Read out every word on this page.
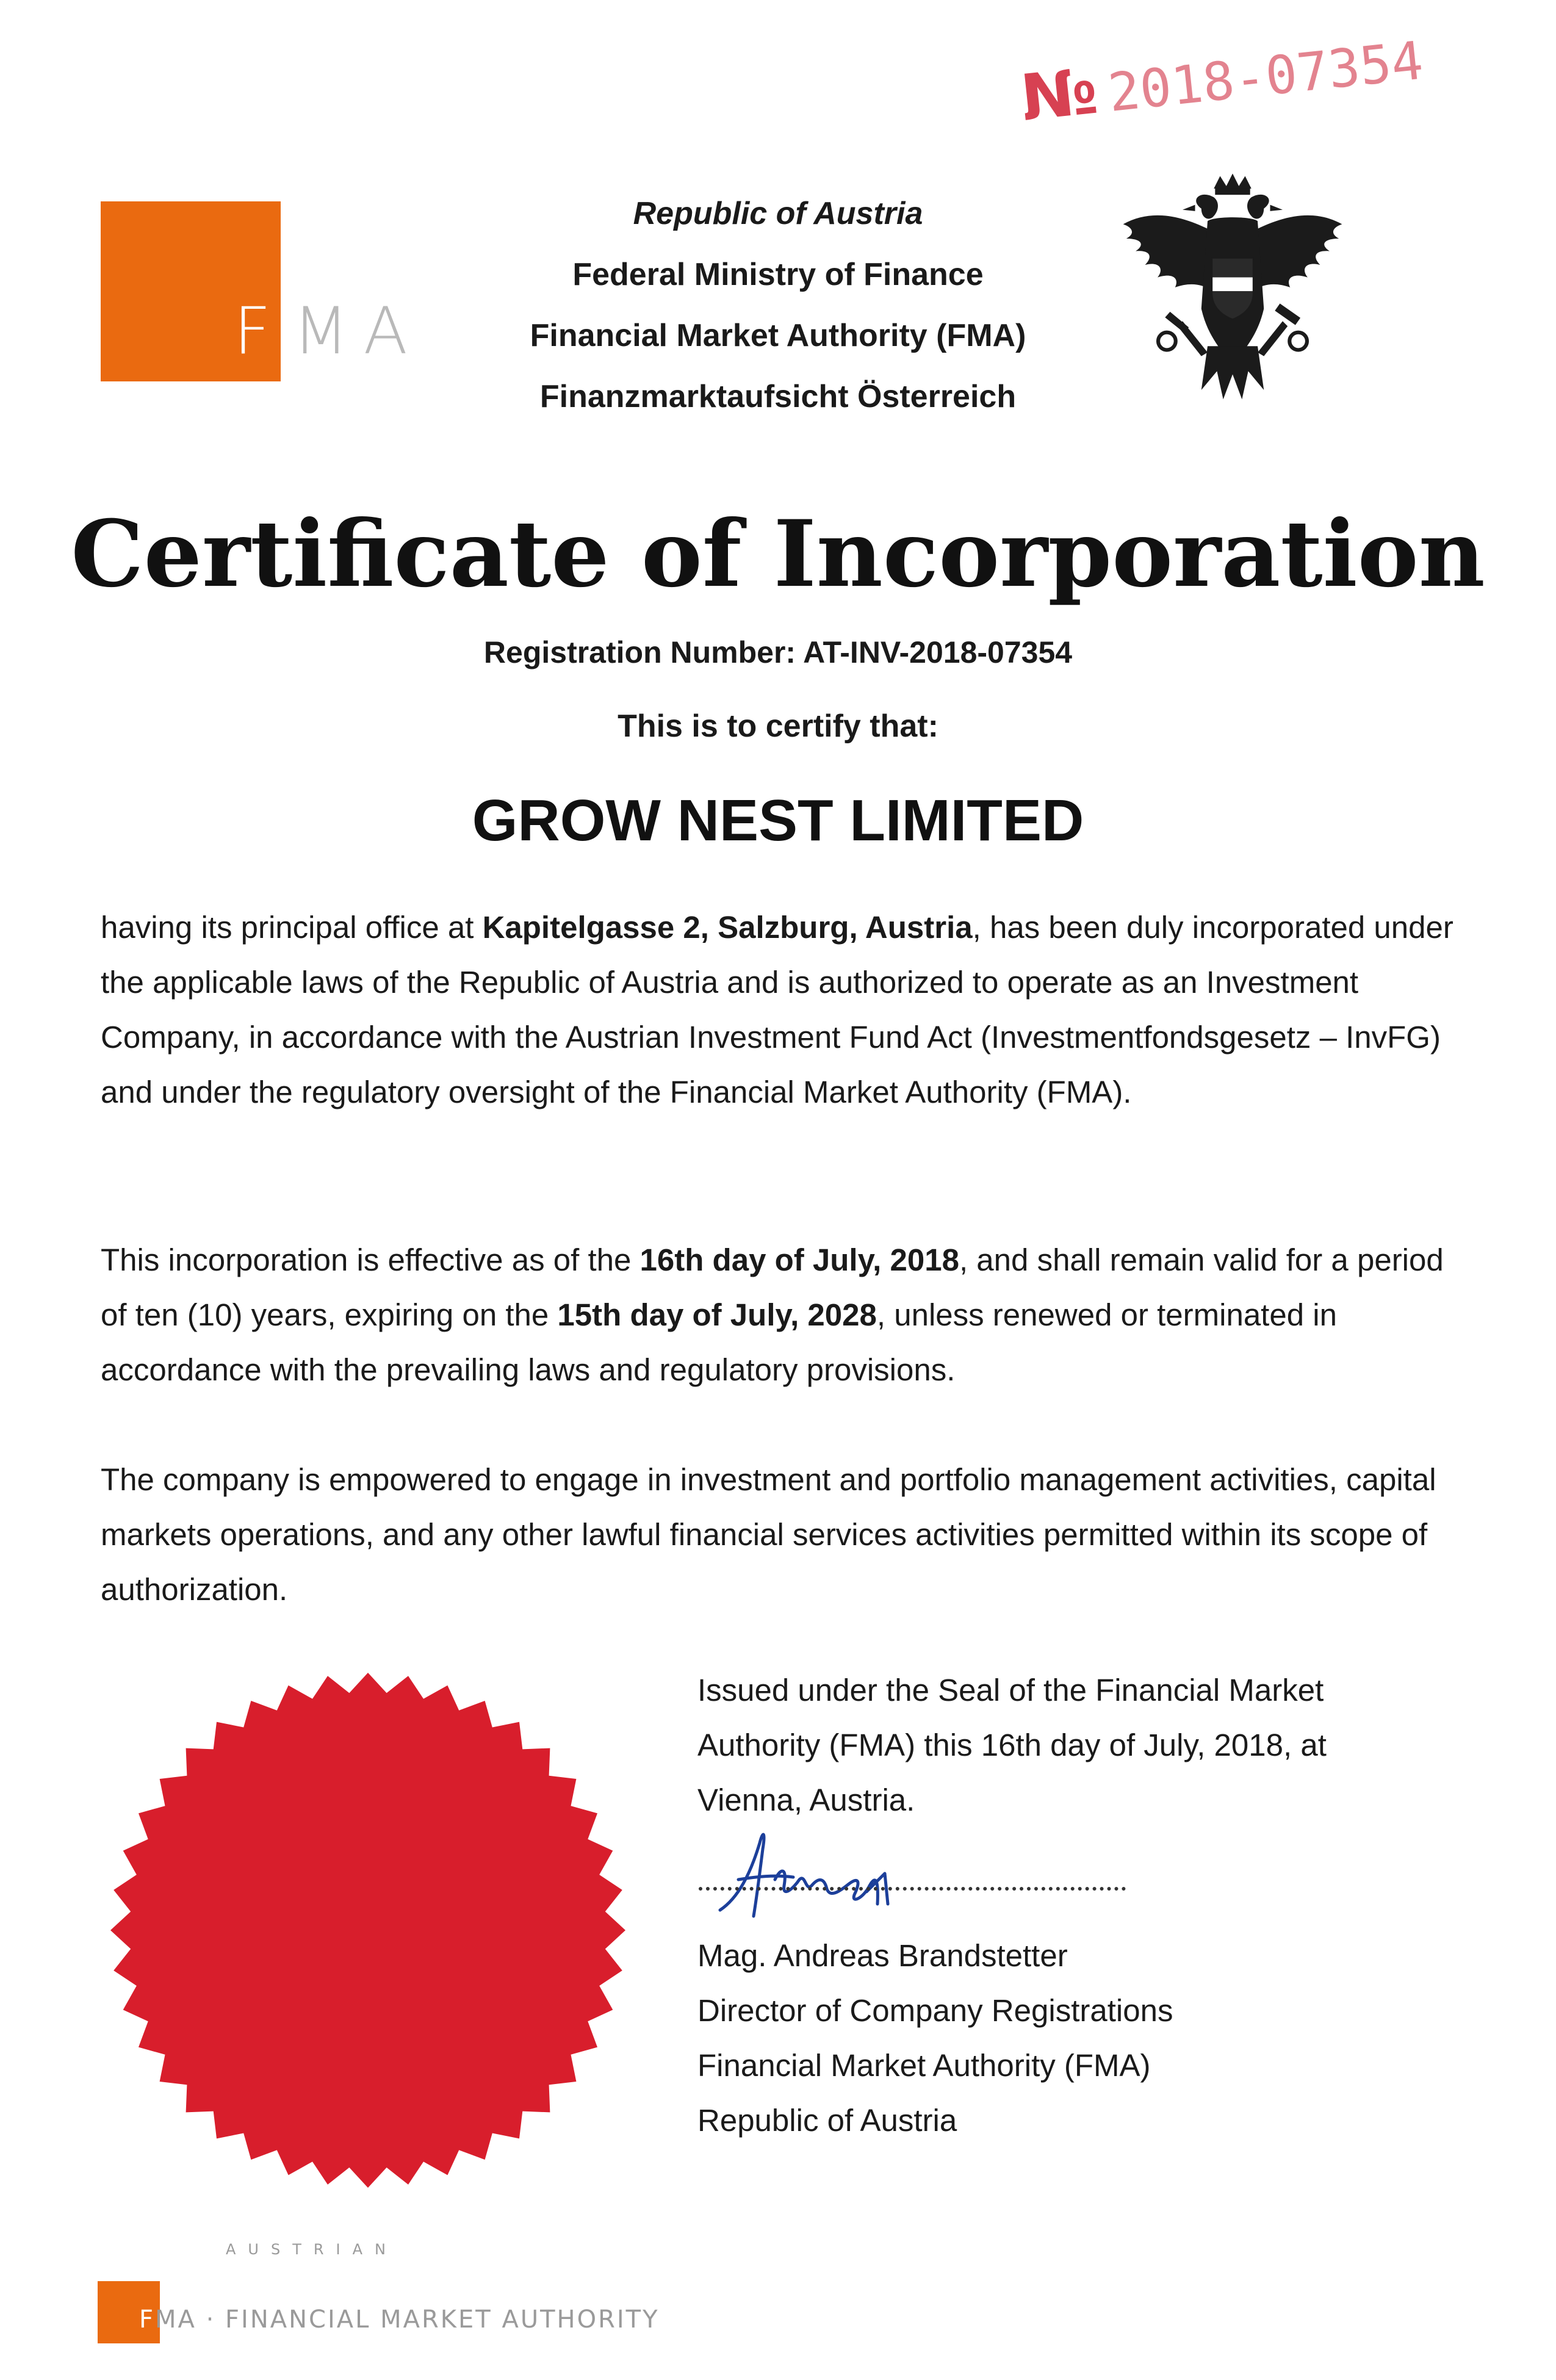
F MA
Republic of Austria
Federal Ministry of Finance
Financial Market Authority (FMA)
Finanzmarktaufsicht Österreich
№2018-07354
Certificate of Incorporation
Registration Number: AT-INV-2018-07354
This is to certify that:
GROW NEST LIMITED
having its principal office at Kapitelgasse 2, Salzburg, Austria, has been duly incorporated under the applicable laws of the Republic of Austria and is authorized to operate as an Investment Company, in accordance with the Austrian Investment Fund Act (Investmentfondsgesetz – InvFG) and under the regulatory oversight of the Financial Market Authority (FMA).
This incorporation is effective as of the 16th day of July, 2018, and shall remain valid for a period of ten (10) years, expiring on the 15th day of July, 2028, unless renewed or terminated in accordance with the prevailing laws and regulatory provisions.
The company is empowered to engage in investment and portfolio management activities, capital markets operations, and any other lawful financial services activities permitted within its scope of authorization.
Issued under the Seal of the Financial Market
Authority (FMA) this 16th day of July, 2018, at
Vienna, Austria.
Mag. Andreas Brandstetter
Director of Company Registrations
Financial Market Authority (FMA)
Republic of Austria
AUSTRIAN
FMA · FINANCIAL MARKET AUTHORITY
